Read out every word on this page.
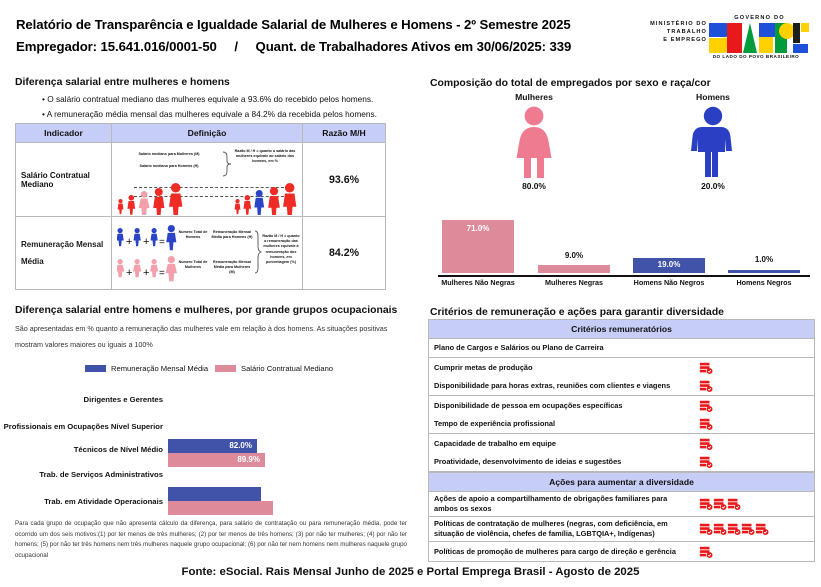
Relatório de Transparência e Igualdade Salarial de Mulheres e Homens - 2º Semestre 2025
Empregador: 15.641.016/0001-50 / Quant. de Trabalhadores Ativos em 30/06/2025: 339
MINISTÉRIO DO
TRABALHO
E EMPREGO
GOVERNO DO
DO LADO DO POVO BRASILEIRO
Diferença salarial entre mulheres e homens
• O salário contratual mediano das mulheres equivale a 93.6% do recebido pelos homens.
• A remuneração média mensal das mulheres equivale a 84.2% da recebida pelos homens.
Indicador	Definição	Razão M/H
Salário Contratual Mediano
Salário mediano para Mulheres (M)
Salário mediano para Homens (H)
Razão M / H = quanto o salário das mulheres equivale ao salário dos homens, em %
93.6%
Remuneração Mensal
Média
+ + =
+ + =
Número Total de Homens
Número Total de Mulheres
Remuneração Mensal Média para Homens (H)
Remuneração Mensal Média para Mulheres (M)
Razão M / H = quanto a remuneração das mulheres equivale à remuneração dos homens, em porcentagem (%)
84.2%
Composição do total de empregados por sexo e raça/cor
Mulheres
80.0%
Homens
20.0%
71.0%
Mulheres Não Negras
9.0%
Mulheres Negras
19.0%
Homens Não Negros
1.0%
Homens Negros
Diferença salarial entre homens e mulheres, por grande grupos ocupacionais
São apresentadas em % quanto a remuneração das mulheres vale em relação à dos homens. As situações positivas
mostram valores maiores ou iguais a 100%
Remuneração Mensal Média	Salário Contratual Mediano
Dirigentes e Gerentes
Profissionais em Ocupações Nível Superior
Técnicos de Nível Médio
Trab. de Serviços Administrativos
Trab. em Atividade Operacionais
82.0%
89.9%
Para cada grupo de ocupação que não apresenta cálculo da diferença, para salário de contratação ou para remuneração média, pode ter ocorrido um dos seis motivos:(1) por ter menos de três mulheres; (2) por ter menos de três homens; (3) por não ter mulheres; (4) por não ter homens; (5) por não ter três homens nem três mulheres naquele grupo ocupacional; (6) por não ter nem homens nem mulheres naquele grupo ocupacional
Critérios de remuneração e ações para garantir diversidade
Critérios remuneratórios
Plano de Cargos e Salários ou Plano de Carreira
Cumprir metas de produção
Disponibilidade para horas extras, reuniões com clientes e viagens
Disponibilidade de pessoa em ocupações específicas
Tempo de experiência profissional
Capacidade de trabalho em equipe
Proatividade, desenvolvimento de ideias e sugestões
Ações para aumentar a diversidade
Ações de apoio a compartilhamento de obrigações familiares para ambos os sexos
Políticas de contratação de mulheres (negras, com deficiência, em situação de violência, chefes de família, LGBTQIA+, Indígenas)
Políticas de promoção de mulheres para cargo de direção e gerência
Fonte: eSocial. Rais Mensal Junho de 2025 e Portal Emprega Brasil - Agosto de 2025
